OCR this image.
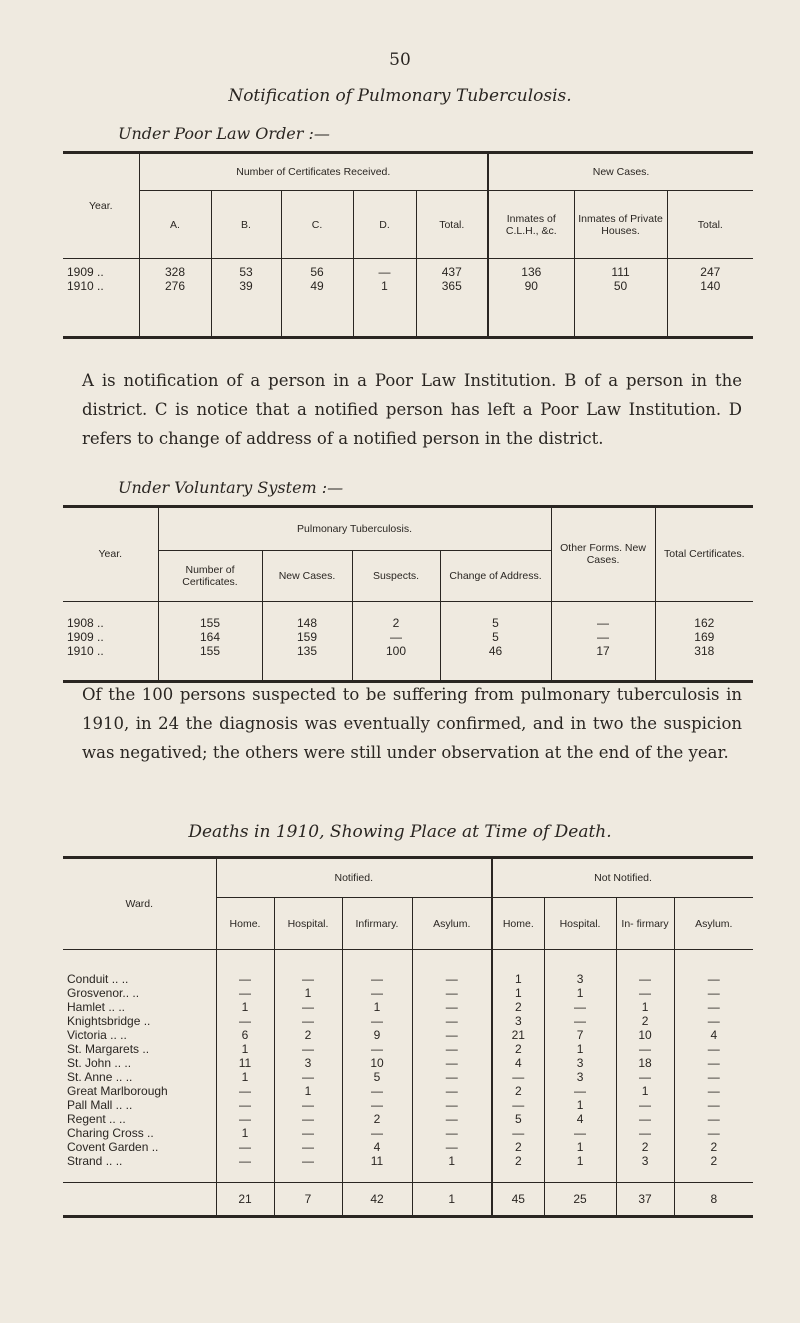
50
Notification of Pulmonary Tuberculosis.
Under Poor Law Order :—
Year.	Number of Certificates Received.					New Cases.		
	A.	B.	C.	D.	Total.	Inmates of C.L.H., &c.	Inmates of Private Houses.	Total.

1909 ..	328	53	56	—	437	136	111	247
1910 ..	276	39	49	1	365	90	50	140

A is notification of a person in a Poor Law Institution. B of a person in the district. C is notice that a notified person has left a Poor Law Institution. D refers to change of address of a notified person in the district.
Under Voluntary System :—
Year.	Pulmonary Tuberculosis.				Other Forms. New Cases.	Total Certificates.
	Number of Certificates.	New Cases.	Suspects.	Change of Address.		

1908 ..	155	148	2	5	—	162
1909 ..	164	159	—	5	—	169
1910 ..	155	135	100	46	17	318

Of the 100 persons suspected to be suffering from pulmonary tuberculosis in 1910, in 24 the diagnosis was eventually confirmed, and in two the suspicion was negatived; the others were still under observation at the end of the year.
Deaths in 1910, Showing Place at Time of Death.
Ward.	Notified.				Not Notified.			
	Home.	Hospital.	Infirmary.	Asylum.	Home.	Hospital.	In- firmary	Asylum.

Conduit .. ..	—	—	—	—	1	3	—	—
Grosvenor.. ..	—	1	—	—	1	1	—	—
Hamlet .. ..	1	—	1	—	2	—	1	—
Knightsbridge ..	—	—	—	—	3	—	2	—
Victoria .. ..	6	2	9	—	21	7	10	4
St. Margarets ..	1	—	—	—	2	1	—	—
St. John .. ..	11	3	10	—	4	3	18	—
St. Anne .. ..	1	—	5	—	—	3	—	—
Great Marlborough	—	1	—	—	2	—	1	—
Pall Mall .. ..	—	—	—	—	—	1	—	—
Regent .. ..	—	—	2	—	5	4	—	—
Charing Cross ..	1	—	—	—	—	—	—	—
Covent Garden ..	—	—	4	—	2	1	2	2
Strand .. ..	—	—	11	1	2	1	3	2

	21	7	42	1	45	25	37	8
